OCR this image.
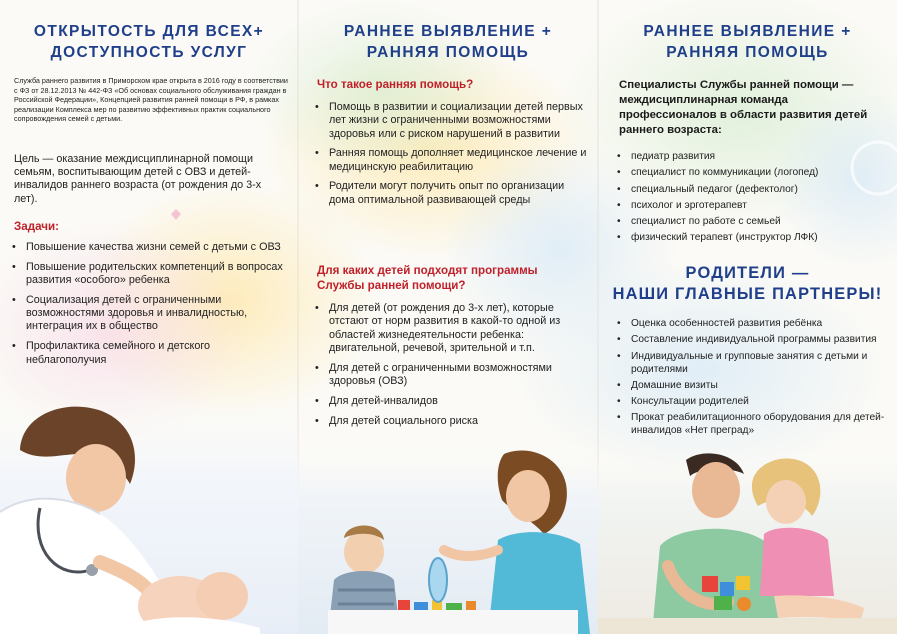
ОТКРЫТОСТЬ ДЛЯ ВСЕХ+
ДОСТУПНОСТЬ УСЛУГ

Служба раннего развития в Приморском крае открыта в 2016 году в соответствии с ФЗ от 28.12.2013 № 442-ФЗ «Об основах социального обслуживания граждан в Российской Федерации», Концепцией развития ранней помощи в РФ, в рамках реализации Комплекса мер по развитию эффективных практик социального сопровождения семей с детьми.

Цель — оказание междисциплинарной помощи семьям, воспитывающим детей с ОВЗ и детей-инвалидов раннего возраста (от рождения до 3-х лет).

Задачи:
• Повышение качества жизни семей с детьми с ОВЗ
• Повышение родительских компетенций в вопросах развития «особого» ребенка
• Социализация детей с ограниченными возможностями здоровья и инвалидностью, интеграция их в общество
• Профилактика семейного и детского неблагополучия
РАННЕЕ ВЫЯВЛЕНИЕ +
РАННЯЯ ПОМОЩЬ
Что такое ранняя помощь?
• Помощь в развитии и социализации детей первых лет жизни с ограниченными возможностями здоровья или с риском нарушений в развитии
• Ранняя помощь дополняет медицинское лечение и медицинскую реабилитацию
• Родители могут получить опыт по организации дома оптимальной развивающей среды
Для каких детей подходят программы Службы ранней помощи?
• Для детей (от рождения до 3-х лет), которые отстают от норм развития в какой-то одной из областей жизнедеятельности ребенка: двигательной, речевой, зрительной и т.п.
• Для детей с ограниченными возможностями здоровья (ОВЗ)
• Для детей-инвалидов
• Для детей социального риска
РАННЕЕ ВЫЯВЛЕНИЕ +
РАННЯЯ ПОМОЩЬ

Специалисты Службы ранней помощи — междисциплинарная команда профессионалов в области развития детей раннего возраста:

• педиатр развития
• специалист по коммуникации (логопед)
• специальный педагог (дефектолог)
• психолог и эрготерапевт
• специалист по работе с семьей
• физический терапевт (инструктор ЛФК)
РОДИТЕЛИ —
НАШИ ГЛАВНЫЕ ПАРТНЕРЫ!
• Оценка особенностей развития ребёнка
• Составление индивидуальной программы развития
• Индивидуальные и групповые занятия с детьми и родителями
• Домашние визиты
• Консультации родителей
• Прокат реабилитационного оборудования для детей-инвалидов «Нет преград»
